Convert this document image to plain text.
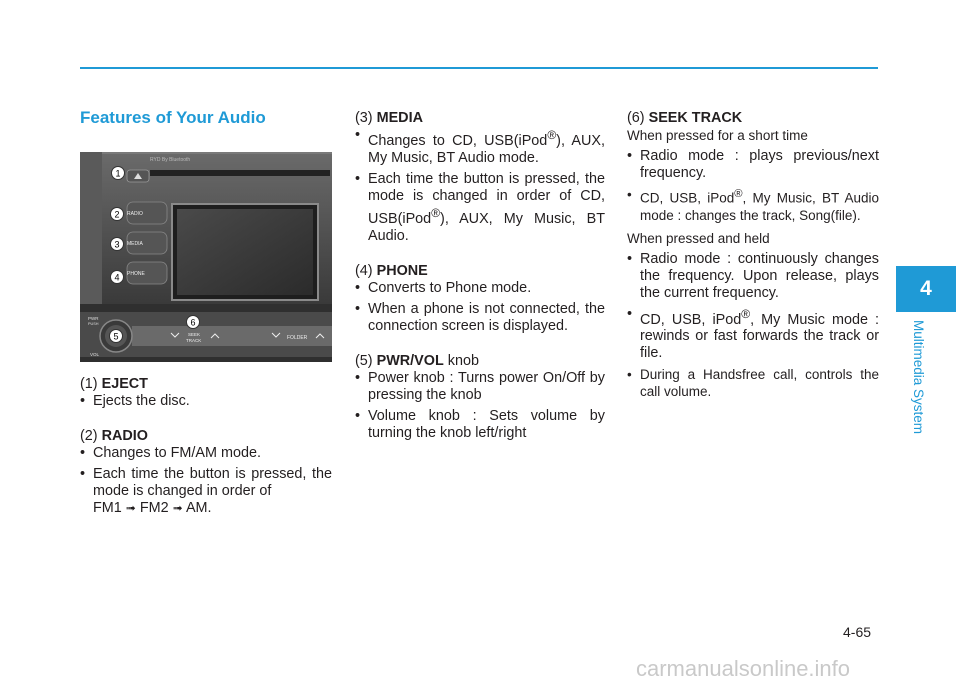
4
Multimedia System
Features of Your Audio
RYD By Bluetooth
RADIO
MEDIA
PHONE
PWR
PUSH
VOL
SEEK
TRACK	FOLDER
1
2
3
4
5
6

(1) EJECT

• Ejects the disc.

(2) RADIO

• Changes to FM/AM mode.
• Each time the button is pressed, the mode is changed in order of
FM1 ➟ FM2 ➟ AM.

(3) MEDIA

• Changes to CD, USB(iPod®), AUX, My Music, BT Audio mode.
• Each time the button is pressed, the mode is changed in order of CD, USB(iPod®), AUX, My Music, BT Audio.

(4) PHONE

• Converts to Phone mode.
• When a phone is not connected, the connection screen is displayed.

(5) PWR/VOL knob

• Power knob : Turns power On/Off by pressing the knob
• Volume knob : Sets volume by turning the knob left/right

(6) SEEK TRACK

When pressed for a short time

• Radio mode : plays previous/next frequency.
• CD, USB, iPod®, My Music, BT Audio mode : changes the track, Song(file).

When pressed and held

• Radio mode : continuously changes the frequency. Upon release, plays the current frequency.
• CD, USB, iPod®, My Music mode : rewinds or fast forwards the track or file.
• During a Handsfree call, controls the call volume.
4-65
carmanualsonline.info
